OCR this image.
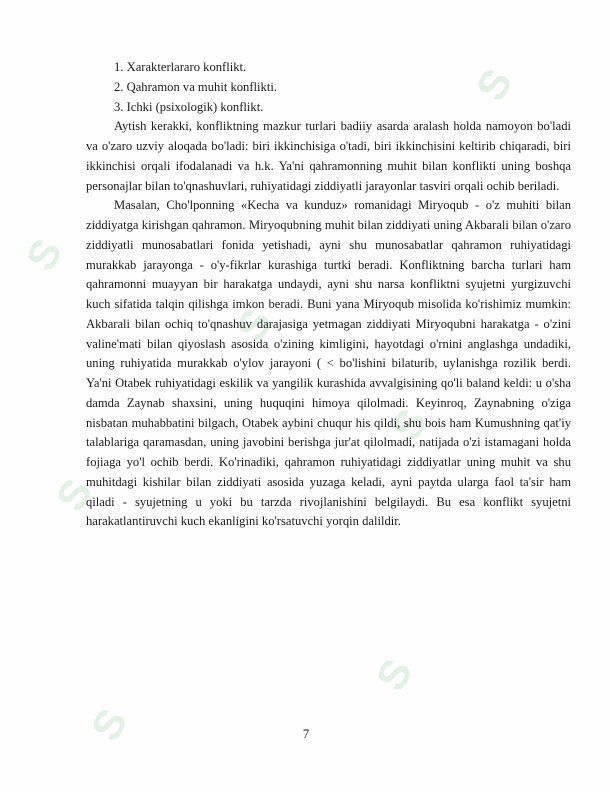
S
S
S
S
S
S
S

1. Xarakterlararo konflikt.

2. Qahramon va muhit konflikti.

3. Ichki (psixologik) konflikt.

Aytish kerakki, konfliktning mazkur turlari badiiy asarda aralash holda namoyon bo'ladi va o'zaro uzviy aloqada bo'ladi: biri ikkinchisiga o'tadi, biri ikkinchisini keltirib chiqaradi, biri ikkinchisi orqali ifodalanadi va h.k. Ya'ni qahramonning muhit bilan konflikti uning boshqa personajlar bilan to'qnashuvlari, ruhiyatidagi ziddiyatli jarayonlar tasviri orqali ochib beriladi.

Masalan, Cho'lponning «Kecha va kunduz» romanidagi Miryoqub - o'z muhiti bilan ziddiyatga kirishgan qahramon. Miryoqubning muhit bilan ziddiyati uning Akbarali bilan o'zaro ziddiyatli munosabatlari fonida yetishadi, ayni shu munosabatlar qahramon ruhiyatidagi murakkab jarayonga - o'y-fikrlar kurashiga turtki beradi. Konfliktning barcha turlari ham qahramonni muayyan bir harakatga undaydi, ayni shu narsa konfliktni syujetni yurgizuvchi kuch sifatida talqin qilishga imkon beradi. Buni yana Miryoqub misolida ko'rishimiz mumkin: Akbarali bilan ochiq to'qnashuv darajasiga yetmagan ziddiyati Miryoqubni harakatga - o'zini valine'mati bilan qiyoslash asosida o'zining kimligini, hayotdagi o'rnini anglashga undadiki, uning ruhiyatida murakkab o'ylov jarayoni ( < bo'lishini bilaturib, uylanishga rozilik berdi. Ya'ni Otabek ruhiyatidagi eskilik va yangilik kurashida avvalgisining qo'li baland keldi: u o'sha damda Zaynab shaxsini, uning huquqini himoya qilolmadi. Keyinroq, Zaynabning o'ziga nisbatan muhabbatini bilgach, Otabek aybini chuqur his qildi, shu bois ham Kumushning qat'iy talablariga qaramasdan, uning javobini berishga jur'at qilolmadi, natijada o'zi istamagani holda fojiaga yo'l ochib berdi. Ko'rinadiki, qahramon ruhiyatidagi ziddiyatlar uning muhit va shu muhitdagi kishilar bilan ziddiyati asosida yuzaga keladi, ayni paytda ularga faol ta'sir ham qiladi - syujetning u yoki bu tarzda rivojlanishini belgilaydi. Bu esa konflikt syujetni harakatlantiruvchi kuch ekanligini ko'rsatuvchi yorqin dalildir.

7
